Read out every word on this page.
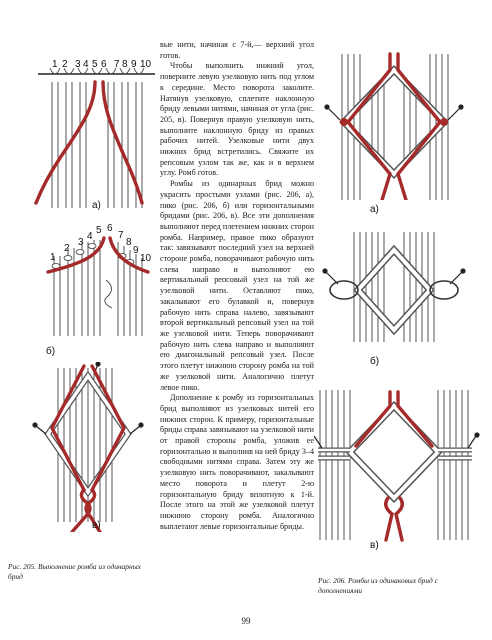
1 2 3 4 5 6 7 8 9 10
а)
1
2
3
4
5 6
7
8
9
10
б)
в)
Рис. 205. Выполнение ромба из одинарных брид

вые нити, начиная с 7-й,— верхний угол готов.

Чтобы выполнить нижний угол, поверните левую узелковую нить под углом к середине. Место поворота заколите. Натянув узелковую, сплетите наклонную бриду левыми нитями, начиная от угла (рис. 205, в). Повернув правую узелковую нить, выполните наклонную бриду из правых рабочих нитей. Узелковые нити двух нижних брид встретились. Свяжите их репсовым узлом так же, как и в верхнем углу. Ромб готов.

Ромбы из одинарных брид можно украсить простыми узлами (рис. 206, а), пико (рис. 206, б) или горизонтальными бридами (рис. 206, в). Все эти дополнения выполняют перед плетением нижних сторон ромба. Например, правое пико образуют так: завязывают последний узел на верхней стороне ромба, поворачивают рабочую нить слева направо и выполняют ею вертикальный репсовый узел на той же узелковой нити. Оставляют пико, закалывают его булавкой и, повернув рабочую нить справа налево, завязывают второй вертикальный репсовый узел на той же узелковой нити. Теперь поворачивают рабочую нить слева направо и выполняют ею диагональный репсовый узел. После этого плетут нижнюю сторону ромба на той же узелковой нити. Аналогично плетут левое пико.

Дополнение к ромбу из горизонтальных брид выполняют из узелковых нитей его нижних сторон. К примеру, горизонтальные бриды справа завязывают на узелковой нити от правой стороны ромба, уложив ее горизонтально и выполнив на ней бриду 3–4 свободными нитями справа. Затем эту же узелковую нить поворачивают, закалывают место поворота и плетут 2-ю горизонтальную бриду вплотную к 1-й. После этого на этой же узелковой плетут нижнюю сторону ромба. Аналогично выплетают левые горизонтальные бриды.

а)
б)
в)
Рис. 206. Ромбы из одинаковых брид с дополнениями
99
